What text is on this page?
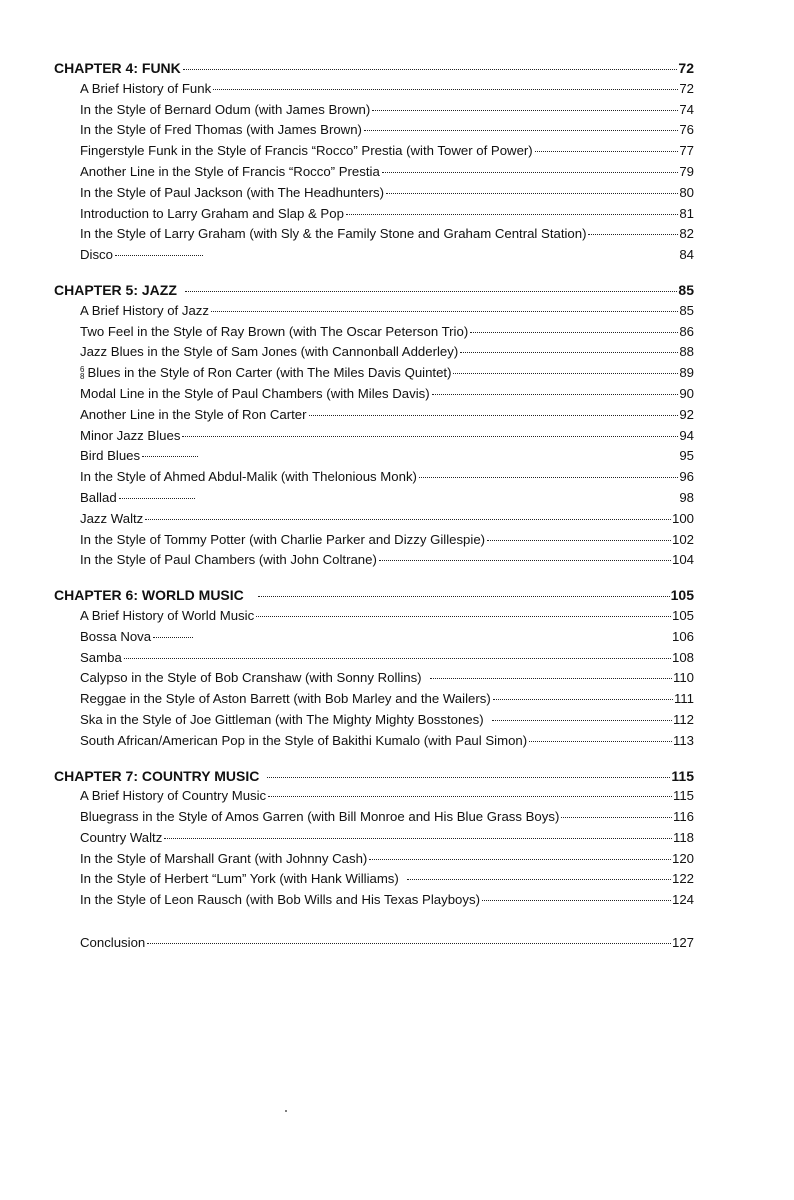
CHAPTER 4: FUNK	72
A Brief History of Funk	72
In the Style of Bernard Odum (with James Brown)	74
In the Style of Fred Thomas (with James Brown)	76
Fingerstyle Funk in the Style of Francis “Rocco” Prestia (with Tower of Power)	77
Another Line in the Style of Francis “Rocco” Prestia	79
In the Style of Paul Jackson (with The Headhunters)	80
Introduction to Larry Graham and Slap & Pop	81
In the Style of Larry Graham (with Sly & the Family Stone and Graham Central Station)	82
Disco	84
CHAPTER 5: JAZZ	85
A Brief History of Jazz	85
Two Feel in the Style of Ray Brown (with The Oscar Peterson Trio)	86
Jazz Blues in the Style of Sam Jones (with Cannonball Adderley)	88
6
8 Blues in the Style of Ron Carter (with The Miles Davis Quintet)	89
Modal Line in the Style of Paul Chambers (with Miles Davis)	90
Another Line in the Style of Ron Carter	92
Minor Jazz Blues	94
Bird Blues	95
In the Style of Ahmed Abdul-Malik (with Thelonious Monk)	96
Ballad	98
Jazz Waltz	100
In the Style of Tommy Potter (with Charlie Parker and Dizzy Gillespie)	102
In the Style of Paul Chambers (with John Coltrane)	104
CHAPTER 6: WORLD MUSIC	105
A Brief History of World Music	105
Bossa Nova	106
Samba	108
Calypso in the Style of Bob Cranshaw (with Sonny Rollins)	110
Reggae in the Style of Aston Barrett (with Bob Marley and the Wailers)	111
Ska in the Style of Joe Gittleman (with The Mighty Mighty Bosstones)	112
South African/American Pop in the Style of Bakithi Kumalo (with Paul Simon)	113
CHAPTER 7: COUNTRY MUSIC	115
A Brief History of Country Music	115
Bluegrass in the Style of Amos Garren (with Bill Monroe and His Blue Grass Boys)	116
Country Waltz	118
In the Style of Marshall Grant (with Johnny Cash)	120
In the Style of Herbert “Lum” York (with Hank Williams)	122
In the Style of Leon Rausch (with Bob Wills and His Texas Playboys)	124
Conclusion	127
